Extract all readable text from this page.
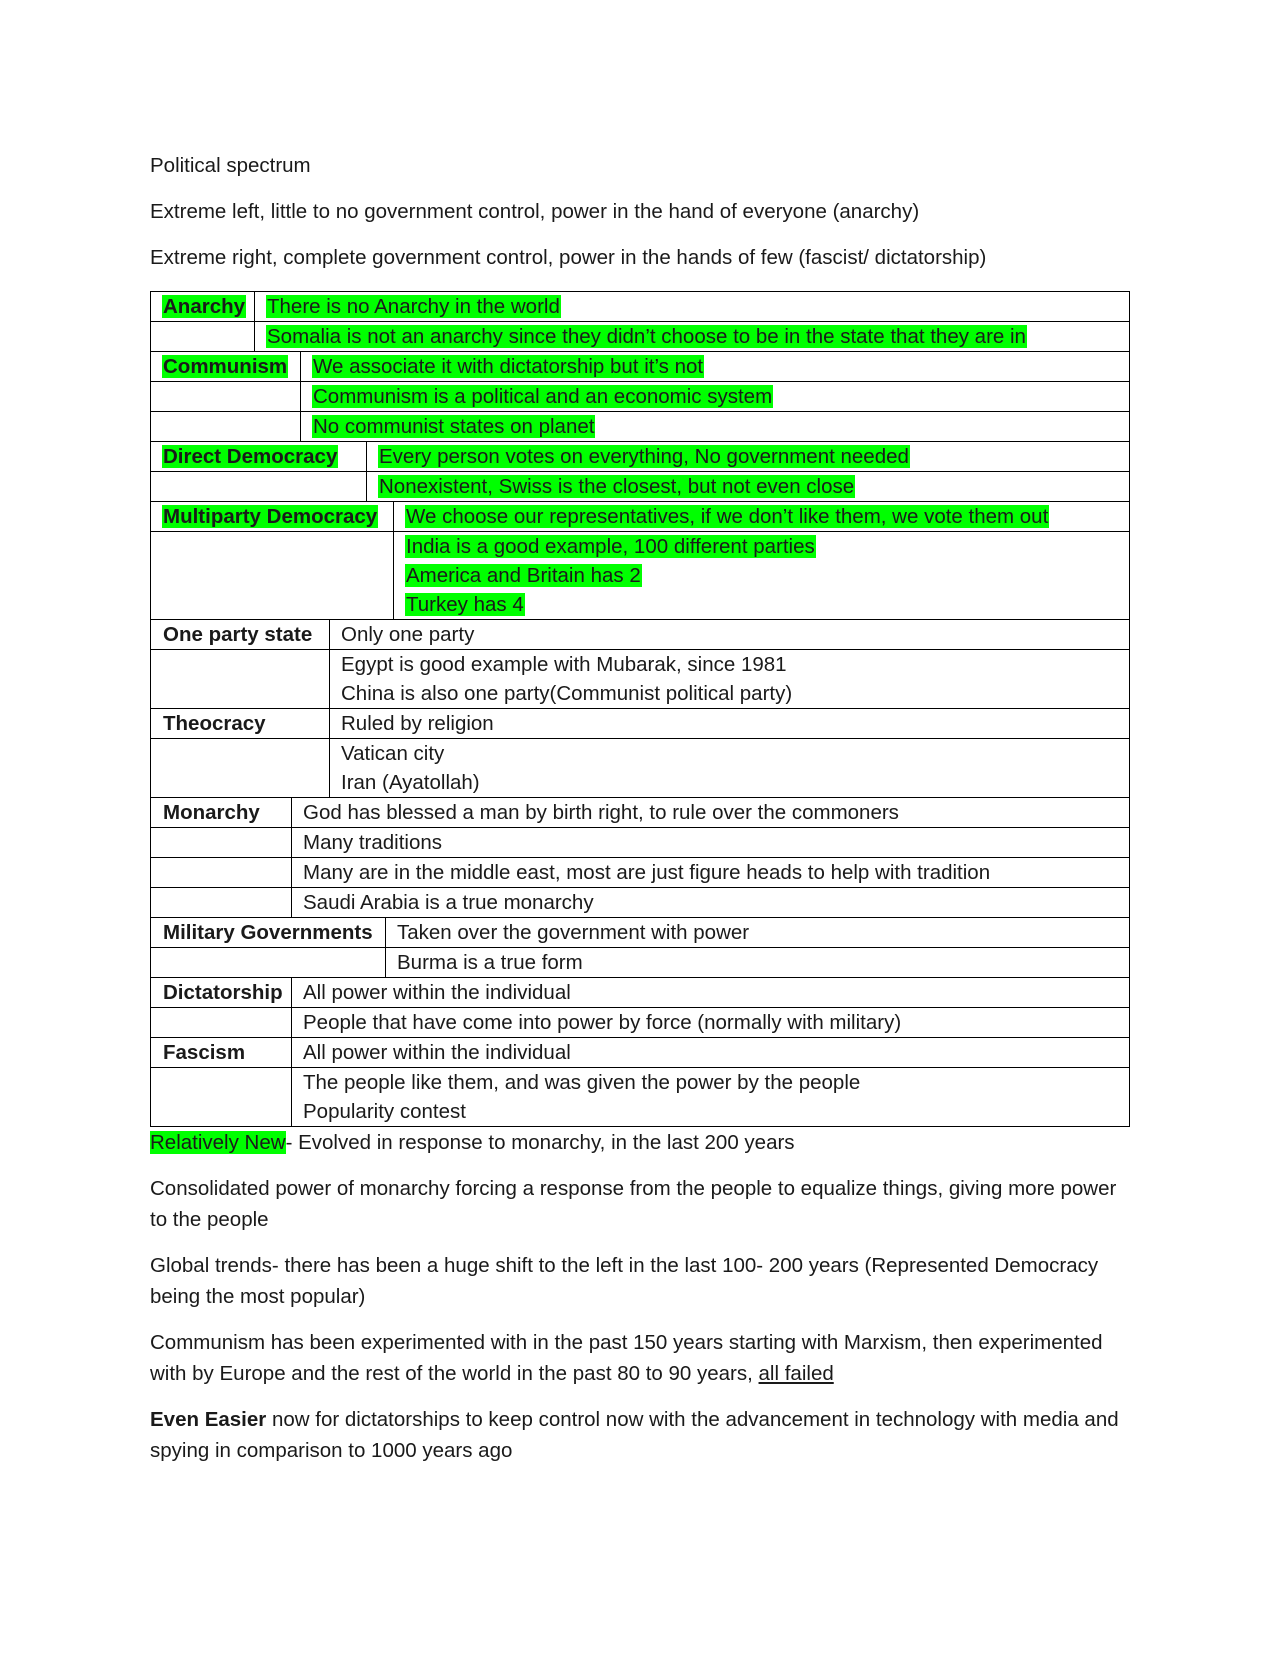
Political spectrum

Extreme left, little to no government control, power in the hand of everyone (anarchy)

Extreme right, complete government control, power in the hands of few (fascist/ dictatorship)

Anarchy	There is no Anarchy in the world
Somalia is not an anarchy since they didn’t choose to be in the state that they are in
Communism	We associate it with dictatorship but it’s not
Communism is a political and an economic system
No communist states on planet
Direct Democracy	Every person votes on everything, No government needed
Nonexistent, Swiss is the closest, but not even close
Multiparty Democracy	We choose our representatives, if we don’t like them, we vote them out
India is a good example, 100 different parties
America and Britain has 2
Turkey has 4
One party state	Only one party
Egypt is good example with Mubarak, since 1981
China is also one party(Communist political party)
Theocracy	Ruled by religion
Vatican city
Iran (Ayatollah)
Monarchy	God has blessed a man by birth right, to rule over the commoners
Many traditions
Many are in the middle east, most are just figure heads to help with tradition
Saudi Arabia is a true monarchy
Military Governments	Taken over the government with power
Burma is a true form
Dictatorship All power within the individual
People that have come into power by force (normally with military)
Fascism	All power within the individual
The people like them, and was given the power by the people
Popularity contest

Relatively New- Evolved in response to monarchy, in the last 200 years

Consolidated power of monarchy forcing a response from the people to equalize things, giving more power to the people

Global trends- there has been a huge shift to the left in the last 100- 200 years (Represented Democracy being the most popular)

Communism has been experimented with in the past 150 years starting with Marxism, then experimented with by Europe and the rest of the world in the past 80 to 90 years, all failed

Even Easier now for dictatorships to keep control now with the advancement in technology with media and spying in comparison to 1000 years ago
